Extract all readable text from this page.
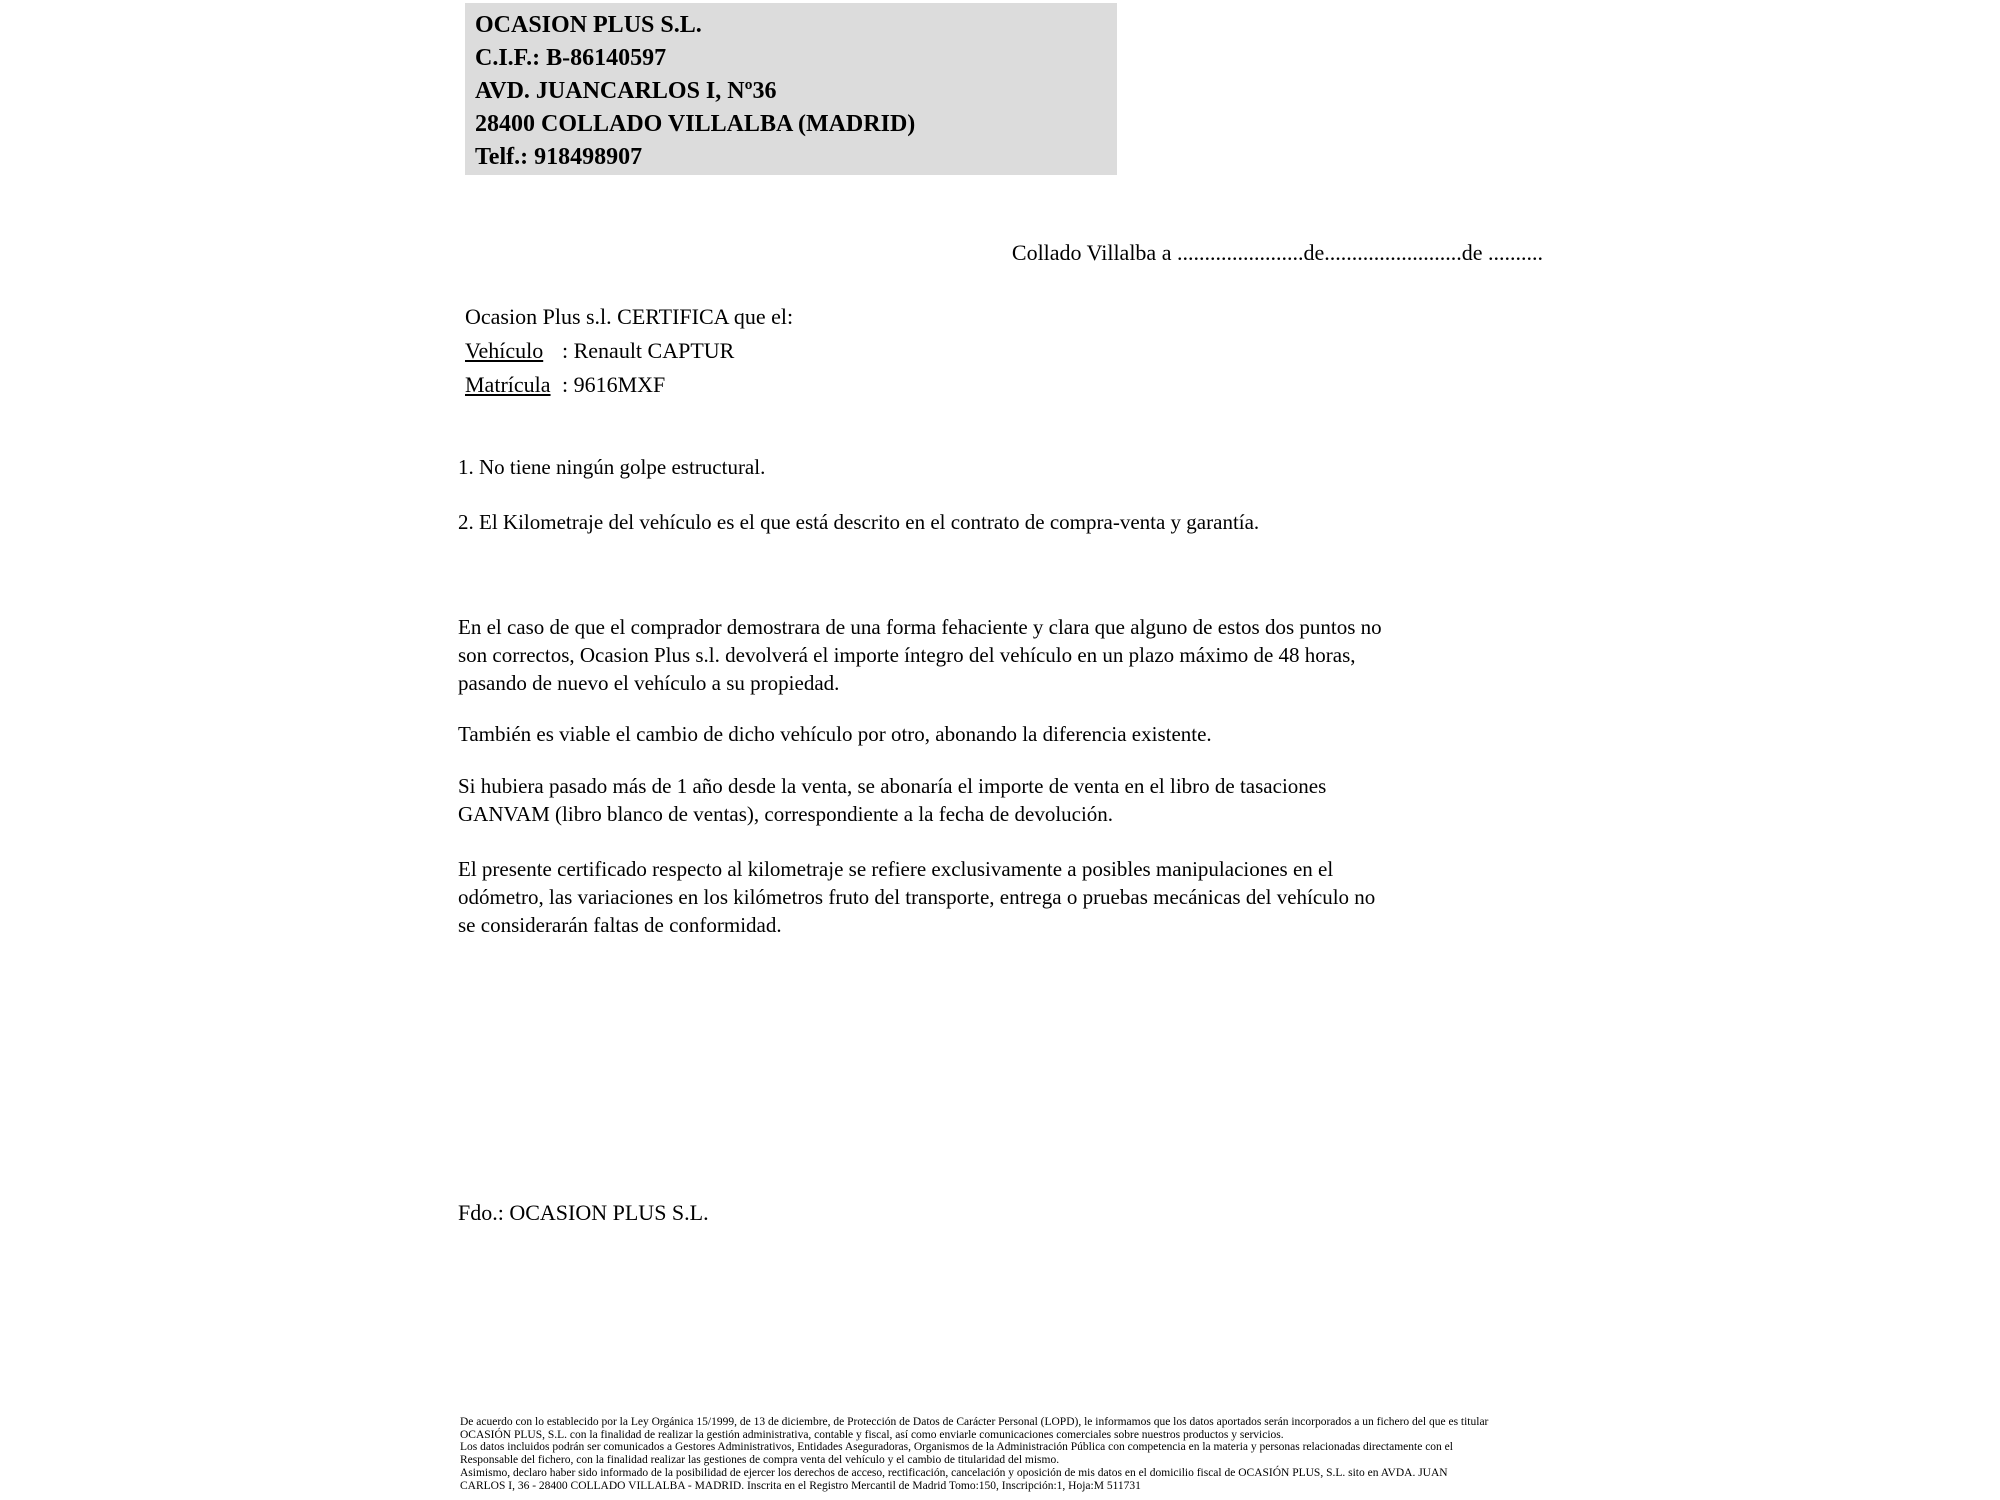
OCASION PLUS S.L.
C.I.F.: B-86140597
AVD. JUANCARLOS I, Nº36
28400 COLLADO VILLALBA (MADRID)
Telf.: 918498907
Collado Villalba a .......................de.........................de ..........
Ocasion Plus s.l. CERTIFICA que el:
Vehículo : Renault CAPTUR
Matrícula : 9616MXF
1. No tiene ningún golpe estructural.
2. El Kilometraje del vehículo es el que está descrito en el contrato de compra-venta y garantía.
En el caso de que el comprador demostrara de una forma fehaciente y clara que alguno de estos dos puntos no
son correctos, Ocasion Plus s.l. devolverá el importe íntegro del vehículo en un plazo máximo de 48 horas,
pasando de nuevo el vehículo a su propiedad.
También es viable el cambio de dicho vehículo por otro, abonando la diferencia existente.
Si hubiera pasado más de 1 año desde la venta, se abonaría el importe de venta en el libro de tasaciones
GANVAM (libro blanco de ventas), correspondiente a la fecha de devolución.
El presente certificado respecto al kilometraje se refiere exclusivamente a posibles manipulaciones en el
odómetro, las variaciones en los kilómetros fruto del transporte, entrega o pruebas mecánicas del vehículo no
se considerarán faltas de conformidad.
Fdo.: OCASION PLUS S.L.
De acuerdo con lo establecido por la Ley Orgánica 15/1999, de 13 de diciembre, de Protección de Datos de Carácter Personal (LOPD), le informamos que los datos aportados serán incorporados a un fichero del que es titular
OCASIÓN PLUS, S.L. con la finalidad de realizar la gestión administrativa, contable y fiscal, así como enviarle comunicaciones comerciales sobre nuestros productos y servicios.
Los datos incluidos podrán ser comunicados a Gestores Administrativos, Entidades Aseguradoras, Organismos de la Administración Pública con competencia en la materia y personas relacionadas directamente con el
Responsable del fichero, con la finalidad realizar las gestiones de compra venta del vehículo y el cambio de titularidad del mismo.
Asimismo, declaro haber sido informado de la posibilidad de ejercer los derechos de acceso, rectificación, cancelación y oposición de mis datos en el domicilio fiscal de OCASIÓN PLUS, S.L. sito en AVDA. JUAN
CARLOS I, 36 - 28400 COLLADO VILLALBA - MADRID. Inscrita en el Registro Mercantil de Madrid Tomo:150, Inscripción:1, Hoja:M 511731
